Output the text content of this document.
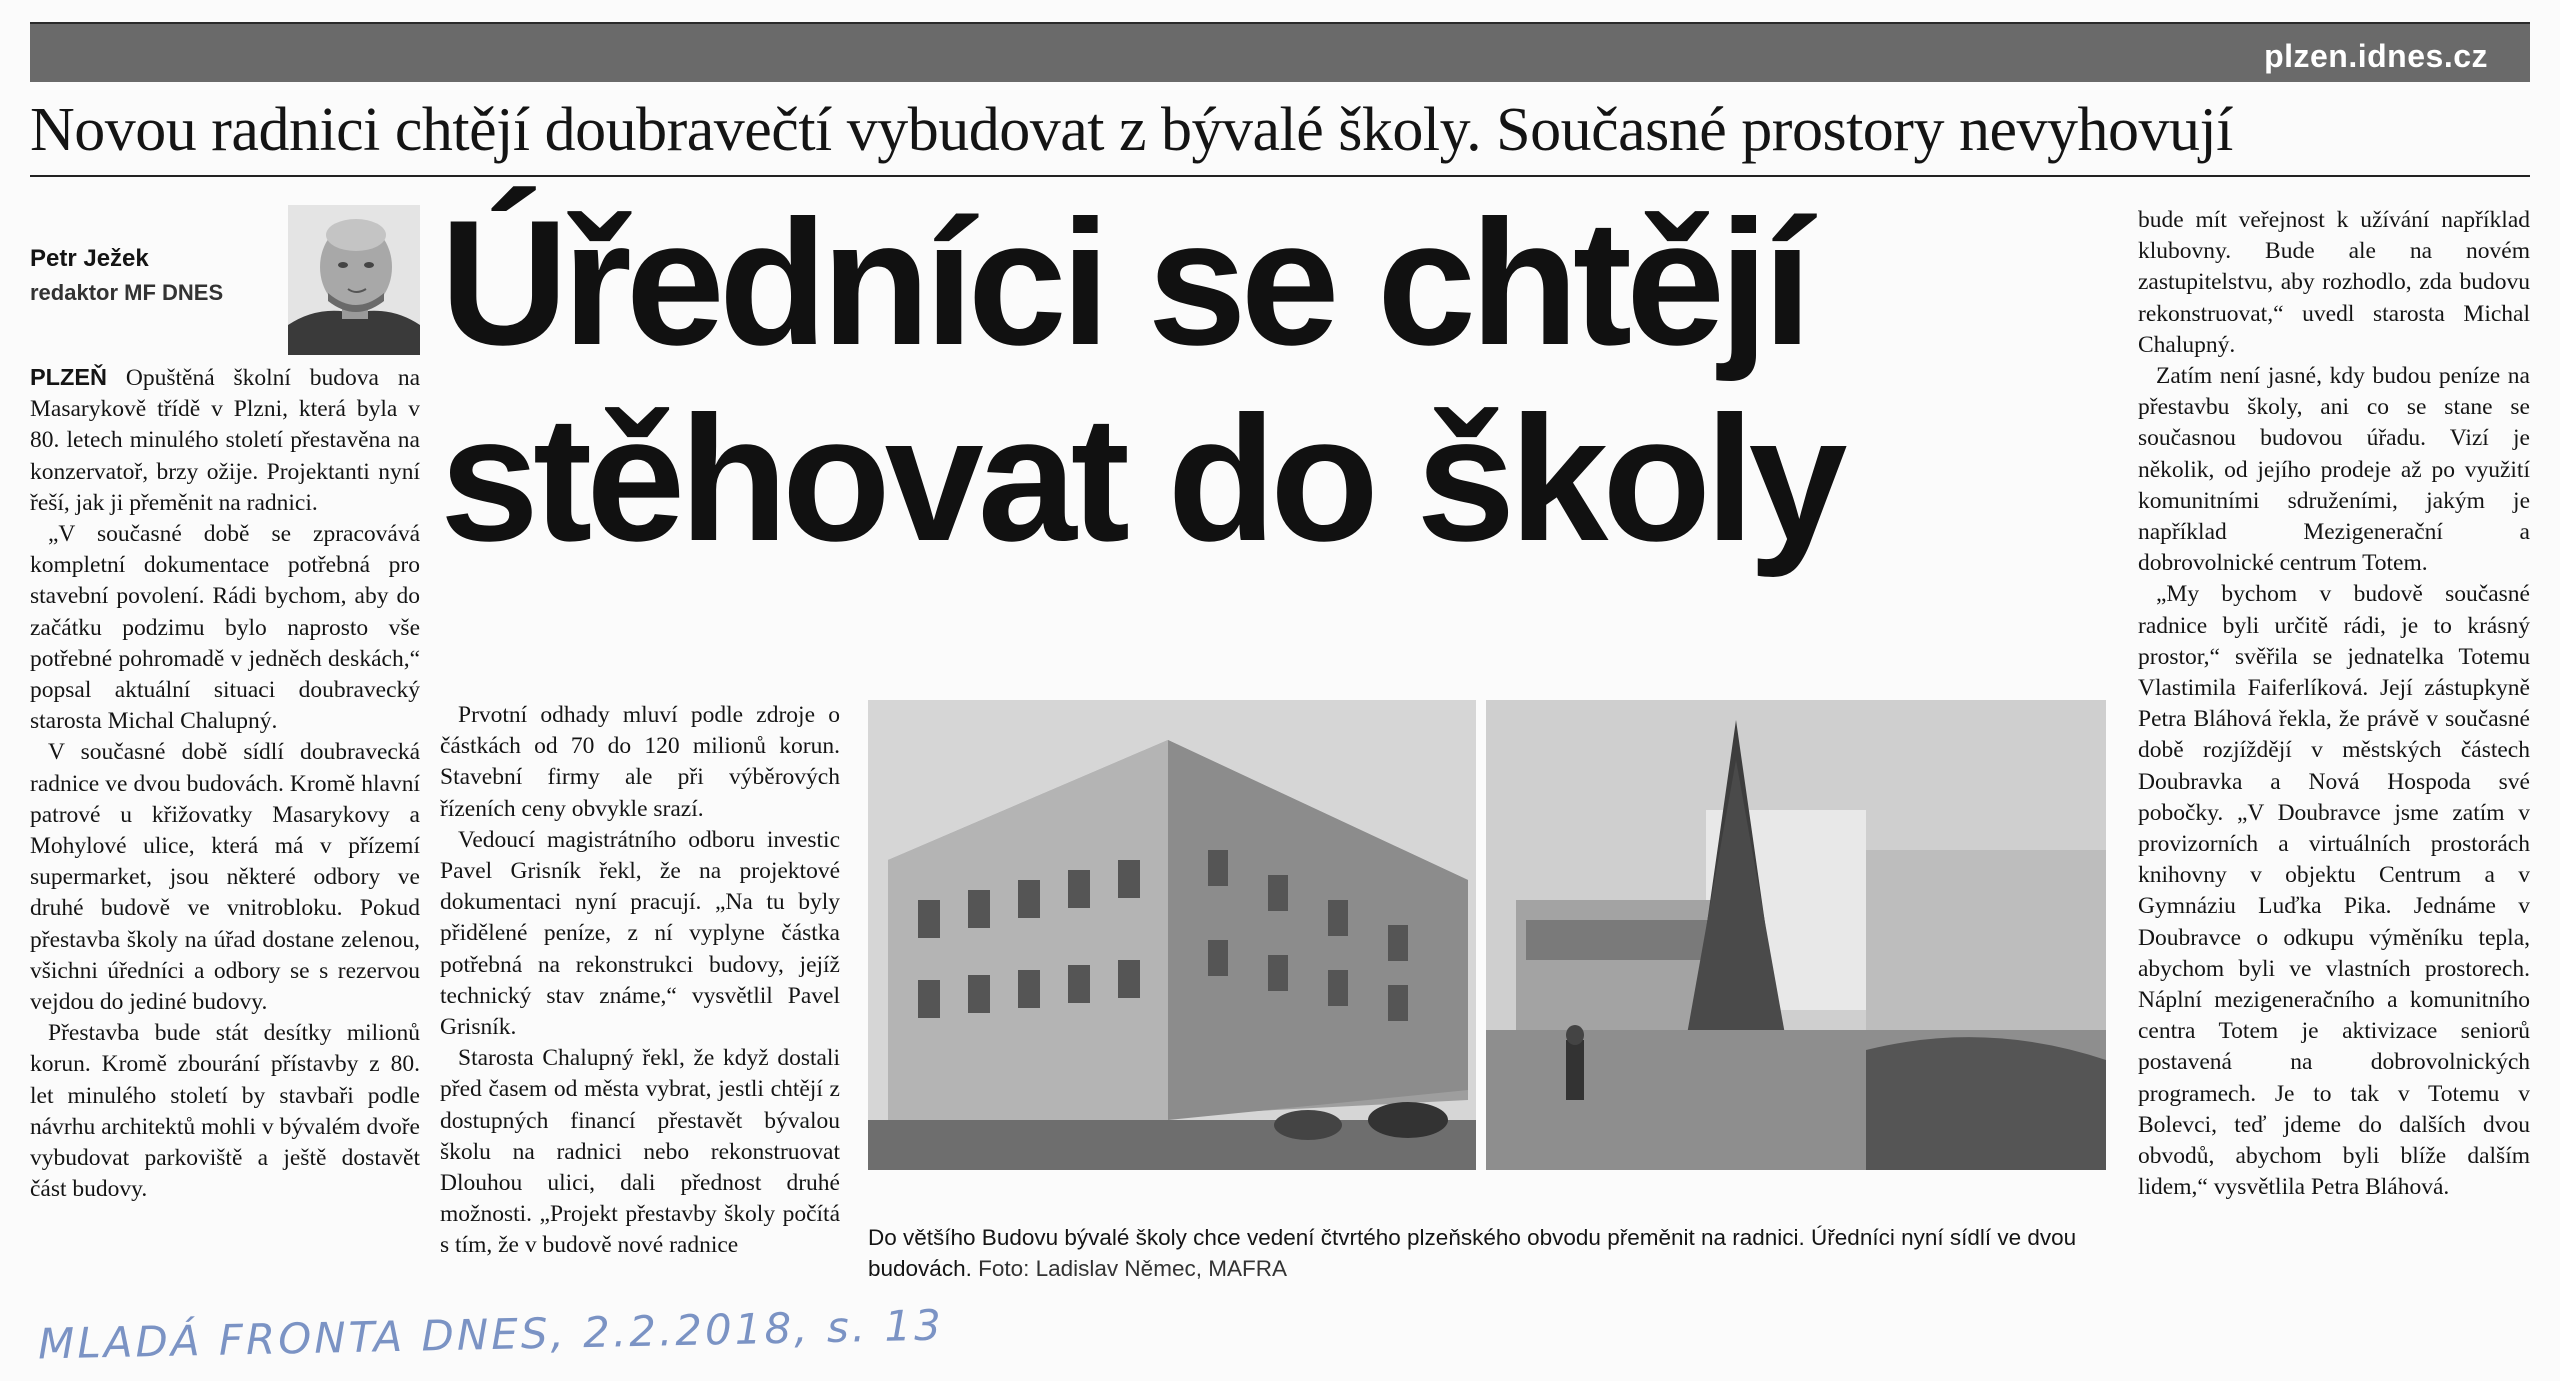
plzen.idnes.cz
Novou radnici chtějí doubravečtí vybudovat z bývalé školy. Současné prostory nevyhovují
Petr Ježek
redaktor MF DNES Úředníci se chtějí
stěhovat do školy

PLZEŇ Opuštěná školní budova na Masarykově třídě v Plzni, která byla v 80. letech minulého století přestavěna na konzervatoř, brzy ožije. Projektanti nyní řeší, jak ji přeměnit na radnici.

„V současné době se zpracovává kompletní dokumentace potřebná pro stavební povolení. Rádi bychom, aby do začátku podzimu bylo naprosto vše potřebné pohromadě v jedněch deskách,“ popsal aktuální situaci doubravecký starosta Michal Chalupný.

V současné době sídlí doubravecká radnice ve dvou budovách. Kromě hlavní patrové u křižovatky Masarykovy a Mohylové ulice, která má v přízemí supermarket, jsou některé odbory ve druhé budově ve vnitrobloku. Pokud přestavba školy na úřad dostane zelenou, všichni úředníci a odbory se s rezervou vejdou do jediné budovy.

Přestavba bude stát desítky milionů korun. Kromě zbourání přístavby z 80. let minulého století by stavbaři podle návrhu architektů mohli v bývalém dvoře vybudovat parkoviště a ještě dostavět část budovy.

Prvotní odhady mluví podle zdroje o částkách od 70 do 120 milionů korun. Stavební firmy ale při výběrových řízeních ceny obvykle srazí.

Vedoucí magistrátního odboru investic Pavel Grisník řekl, že na projektové dokumentaci nyní pracují. „Na tu byly přidělené peníze, z ní vyplyne částka potřebná na rekonstrukci budovy, jejíž technický stav známe,“ vysvětlil Pavel Grisník.

Starosta Chalupný řekl, že když dostali před časem od města vybrat, jestli chtějí z dostupných financí přestavět bývalou školu na radnici nebo rekonstruovat Dlouhou ulici, dali přednost druhé možnosti. „Projekt přestavby školy počítá s tím, že v budově nové radnice	Do většího Budovu bývalé školy chce vedení čtvrtého plzeňského obvodu přeměnit na radnici. Úředníci nyní sídlí ve dvou budovách. Foto: Ladislav Němec, MAFRA

bude mít veřejnost k užívání například klubovny. Bude ale na novém zastupitelstvu, aby rozhodlo, zda budovu rekonstruovat,“ uvedl starosta Michal Chalupný.

Zatím není jasné, kdy budou peníze na přestavbu školy, ani co se stane se současnou budovou úřadu. Vizí je několik, od jejího prodeje až po využití komunitními sdruženími, jakým je například Mezigenerační a dobrovolnické centrum Totem.

„My bychom v budově současné radnice byli určitě rádi, je to krásný prostor,“ svěřila se jednatelka Totemu Vlastimila Faiferlíková. Její zástupkyně Petra Bláhová řekla, že právě v současné době rozjíždějí v městských částech Doubravka a Nová Hospoda své pobočky. „V Doubravce jsme zatím v provizorních a virtuálních prostorách knihovny v objektu Centrum a v Gymnáziu Luďka Pika. Jednáme v Doubravce o odkupu výměníku tepla, abychom byli ve vlastních prostorech. Náplní mezigeneračního a komunitního centra Totem je aktivizace seniorů postavená na dobrovolnických programech. Je to tak v Totemu v Bolevci, teď jdeme do dalších dvou obvodů, abychom byli blíže dalším lidem,“ vysvětlila Petra Bláhová.

MLADÁ FRONTA DNES, 2.2.2018, s. 13
